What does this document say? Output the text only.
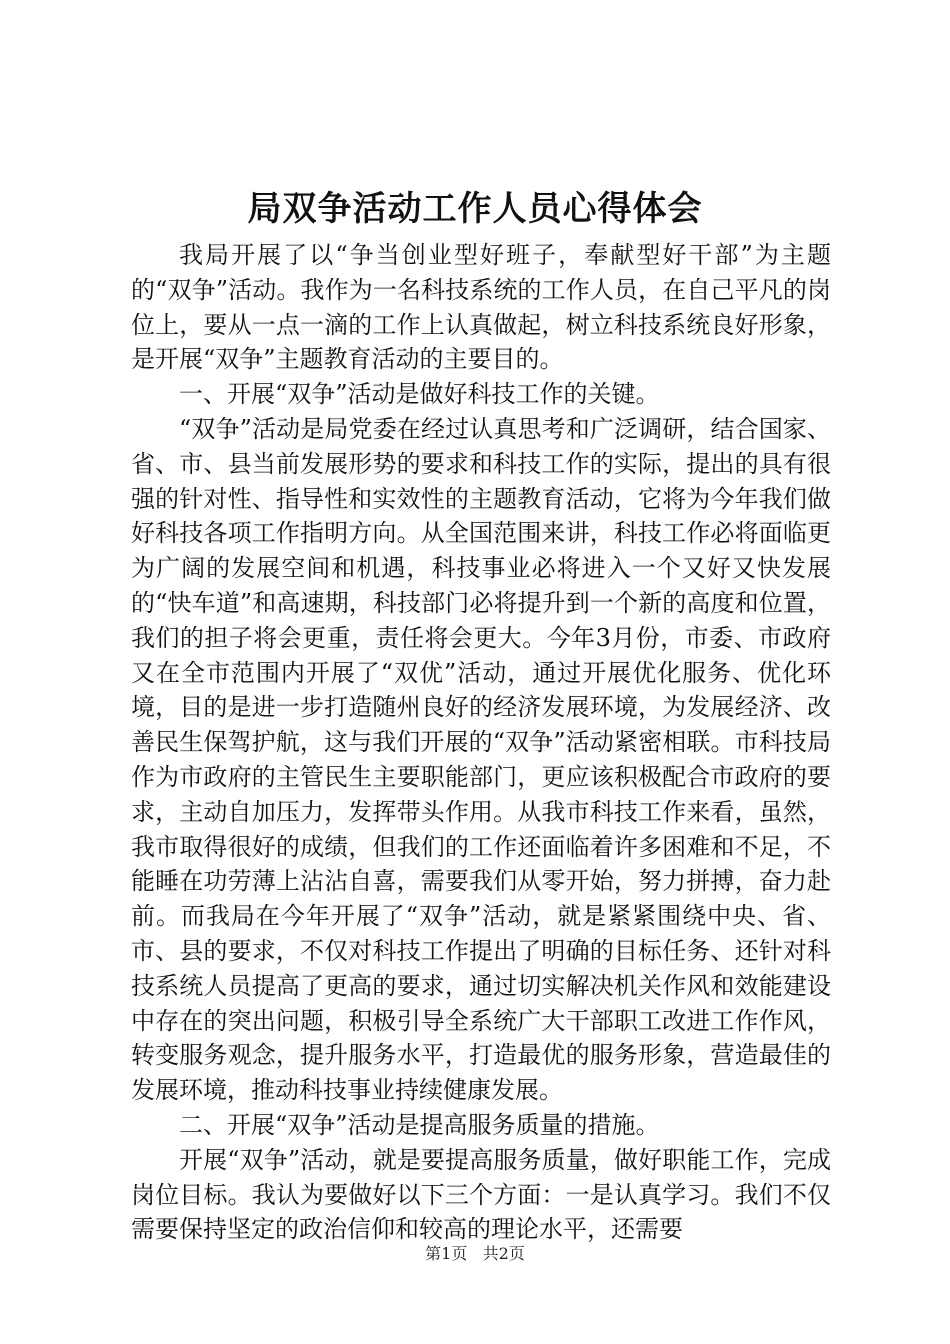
局双争活动工作人员心得体会

我局开展了以“争当创业型好班子，奉献型好干部”为主题的“双争”活动。我作为一名科技系统的工作人员，在自己平凡的岗位上，要从一点一滴的工作上认真做起，树立科技系统良好形象，是开展“双争”主题教育活动的主要目的。

一、开展“双争”活动是做好科技工作的关键。

“双争”活动是局党委在经过认真思考和广泛调研，结合国家、省、市、县当前发展形势的要求和科技工作的实际，提出的具有很强的针对性、指导性和实效性的主题教育活动，它将为今年我们做好科技各项工作指明方向。从全国范围来讲，科技工作必将面临更为广阔的发展空间和机遇，科技事业必将进入一个又好又快发展的“快车道”和高速期，科技部门必将提升到一个新的高度和位置，我们的担子将会更重，责任将会更大。今年3月份，市委、市政府又在全市范围内开展了“双优”活动，通过开展优化服务、优化环境，目的是进一步打造随州良好的经济发展环境，为发展经济、改善民生保驾护航，这与我们开展的“双争”活动紧密相联。市科技局作为市政府的主管民生主要职能部门，更应该积极配合市政府的要求，主动自加压力，发挥带头作用。从我市科技工作来看，虽然，我市取得很好的成绩，但我们的工作还面临着许多困难和不足，不能睡在功劳薄上沾沾自喜，需要我们从零开始，努力拼搏，奋力赴前。而我局在今年开展了“双争”活动，就是紧紧围绕中央、省、市、县的要求，不仅对科技工作提出了明确的目标任务、还针对科技系统人员提高了更高的要求，通过切实解决机关作风和效能建设中存在的突出问题，积极引导全系统广大干部职工改进工作作风，转变服务观念，提升服务水平，打造最优的服务形象，营造最佳的发展环境，推动科技事业持续健康发展。

二、开展“双争”活动是提高服务质量的措施。

开展“双争”活动，就是要提高服务质量，做好职能工作，完成岗位目标。我认为要做好以下三个方面：一是认真学习。我们不仅需要保持坚定的政治信仰和较高的理论水平，还需要

第1页 共2页
